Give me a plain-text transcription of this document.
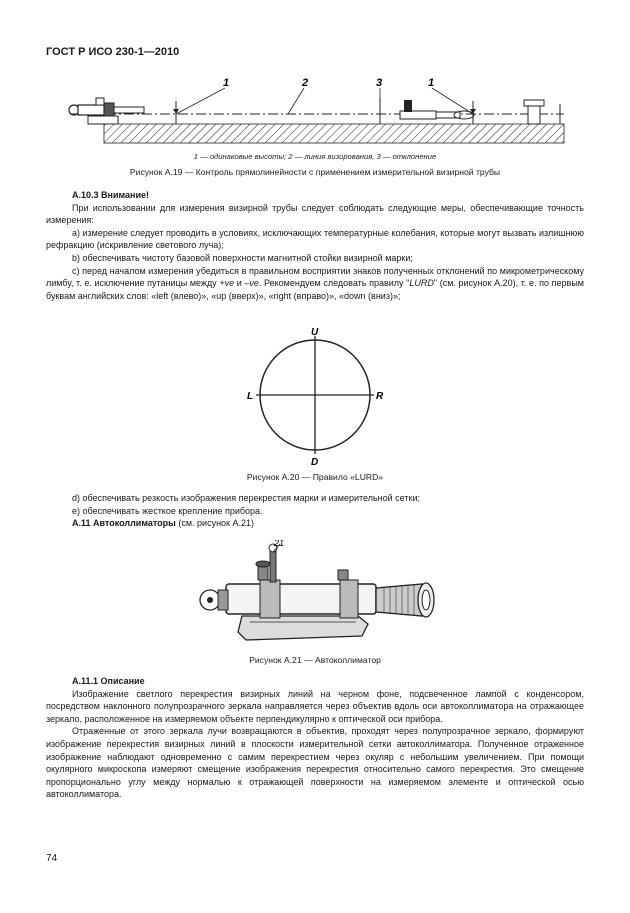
ГОСТ Р ИСО 230-1—2010
1	2	3	1
1 — одинаковые высоты; 2 — линия визирования, 3 — отклонение
Рисунок А.19 — Контроль прямолинейности с применением измерительной визирной трубы
А.10.3 Внимание!
При использовании для измерения визирной трубы следует соблюдать следующие меры, обеспечивающие точность измерения:
a) измерение следует проводить в условиях, исключающих температурные колебания, которые могут вызвать излишнюю рефракцию (искривление светового луча);
b) обеспечивать чистоту базовой поверхности магнитной стойки визирной марки;
c) перед началом измерения убедиться в правильном восприятии знаков полученных отклонений по микрометрическому лимбу, т. е. исключение путаницы между +ve и –ve. Рекомендуем следовать правилу "LURD" (см. рисунок А.20), т. е. по первым буквам английских слов: «left (влево)», «up (вверх)», «right (вправо)», «down (вниз)»;
U
D
L	R
Рисунок А.20 — Правило «LURD»
d) обеспечивать резкость изображения перекрестия марки и измерительной сетки;
e) обеспечивать жесткое крепление прибора.
А.11 Автоколлиматоры (см. рисунок А.21)
21
Рисунок А.21 — Автоколлиматор
А.11.1 Описание
Изображение светлого перекрестия визирных линий на черном фоне, подсвеченное лампой с конденсором, посредством наклонного полупрозрачного зеркала направляется через объектив вдоль оси автоколлиматора на отражающее зеркало, расположенное на измеряемом объекте перпендикулярно к оптической оси прибора.
Отраженные от этого зеркала лучи возвращаются в объектив, проходят через полупрозрачное зеркало, формируют изображение перекрестия визирных линий в плоскости измерительной сетки автоколлиматора. Полученное отраженное изображение наблюдают одновременно с самим перекрестием через окуляр с небольшим увеличением. При помощи окулярного микроскопа измеряют смещение изображения перекрестия относительно самого перекрестия. Это смещение пропорционально углу между нормалью к отражающей поверхности на измеряемом элементе и оптической осью автоколлиматора.
74
